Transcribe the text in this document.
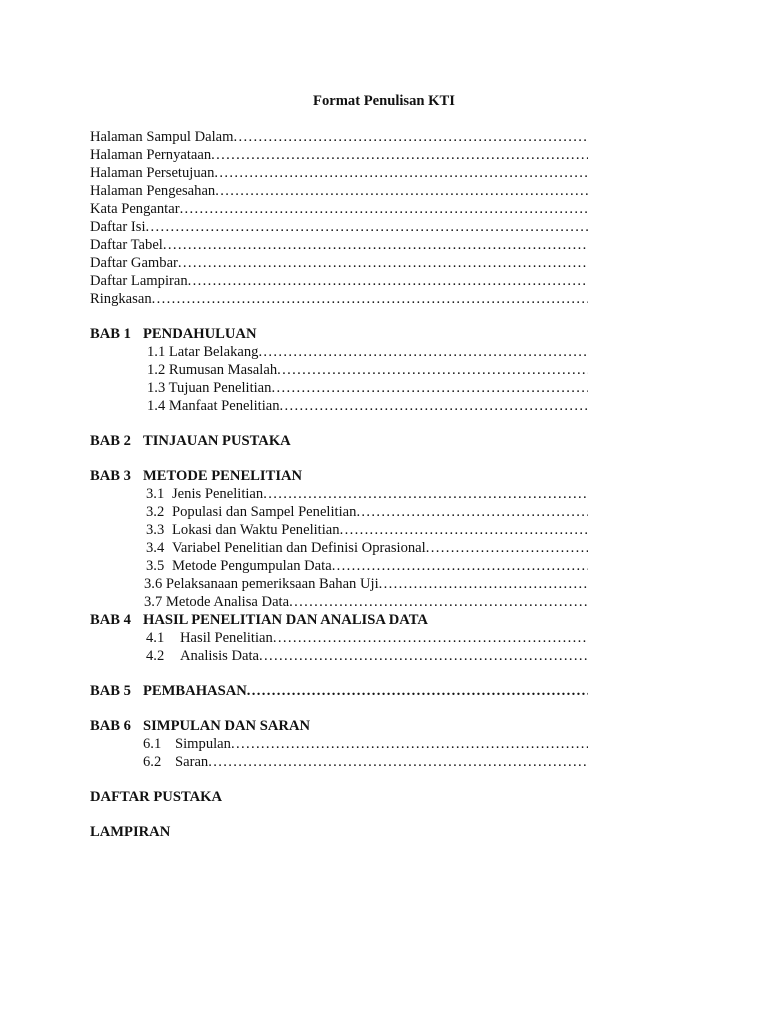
Format Penulisan KTI
Halaman Sampul Dalam . . .
Halaman Pernyataan . . .
Halaman Persetujuan . . .
Halaman Pengesahan . . .
Kata Pengantar . . .
Daftar Isi . . .
Daftar Tabel . . .
Daftar Gambar . . .
Daftar Lampiran . . .
Ringkasan . . .
BAB 1 PENDAHULUAN
1.1 Latar Belakang . . .
1.2 Rumusan Masalah . . .
1.3 Tujuan Penelitian . . .
1.4 Manfaat Penelitian . . .
BAB 2 TINJAUAN PUSTAKA
BAB 3 METODE PENELITIAN
3.1 Jenis Penelitian . . .
3.2 Populasi dan Sampel Penelitian . . .
3.3 Lokasi dan Waktu Penelitian . . .
3.4 Variabel Penelitian dan Definisi Oprasional . . .
3.5 Metode Pengumpulan Data . . .
3.6 Pelaksanaan pemeriksaan Bahan Uji . . .
3.7 Metode Analisa Data . . .
BAB 4 HASIL PENELITIAN DAN ANALISA DATA
4.1 Hasil Penelitian . . .
4.2 Analisis Data . . .
BAB 5 PEMBAHASAN . . .
BAB 6 SIMPULAN DAN SARAN
6.1 Simpulan . . .
6.2 Saran . . .
DAFTAR PUSTAKA
LAMPIRAN
